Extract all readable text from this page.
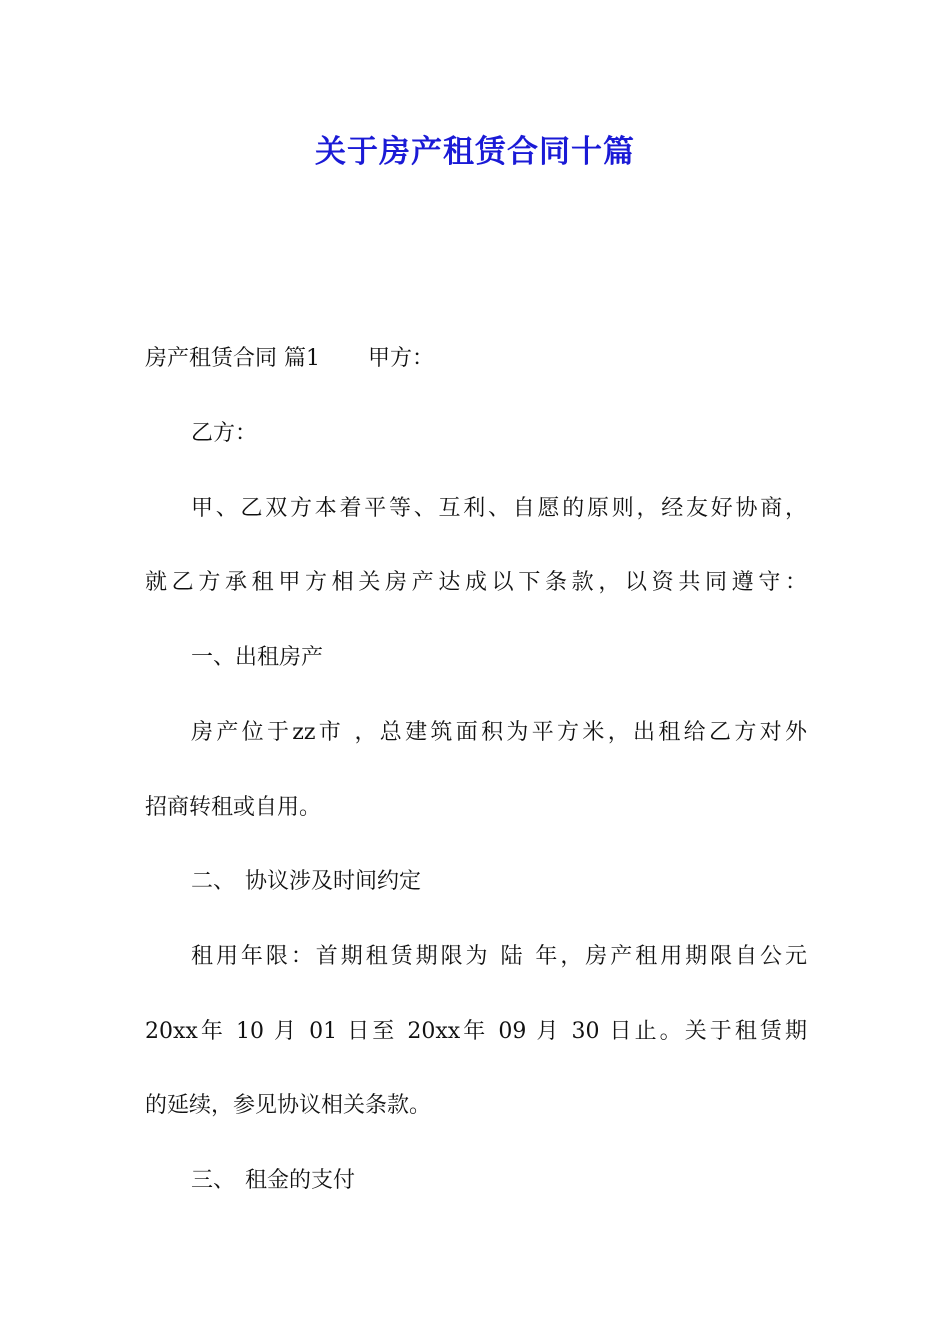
关于房产租赁合同十篇

房产租赁合同 篇1 甲方：

乙方：

甲、乙双方本着平等、互利、自愿的原则，经友好协商，

就乙方承租甲方相关房产达成以下条款，以资共同遵守：

一、出租房产

房产位于zz市 ，总建筑面积为平方米，出租给乙方对外

招商转租或自用。

二、 协议涉及时间约定

租用年限：首期租赁期限为 陆 年，房产租用期限自公元

20xx年 10 月 01 日至 20xx年 09 月 30 日止。关于租赁期

的延续，参见协议相关条款。

三、 租金的支付
